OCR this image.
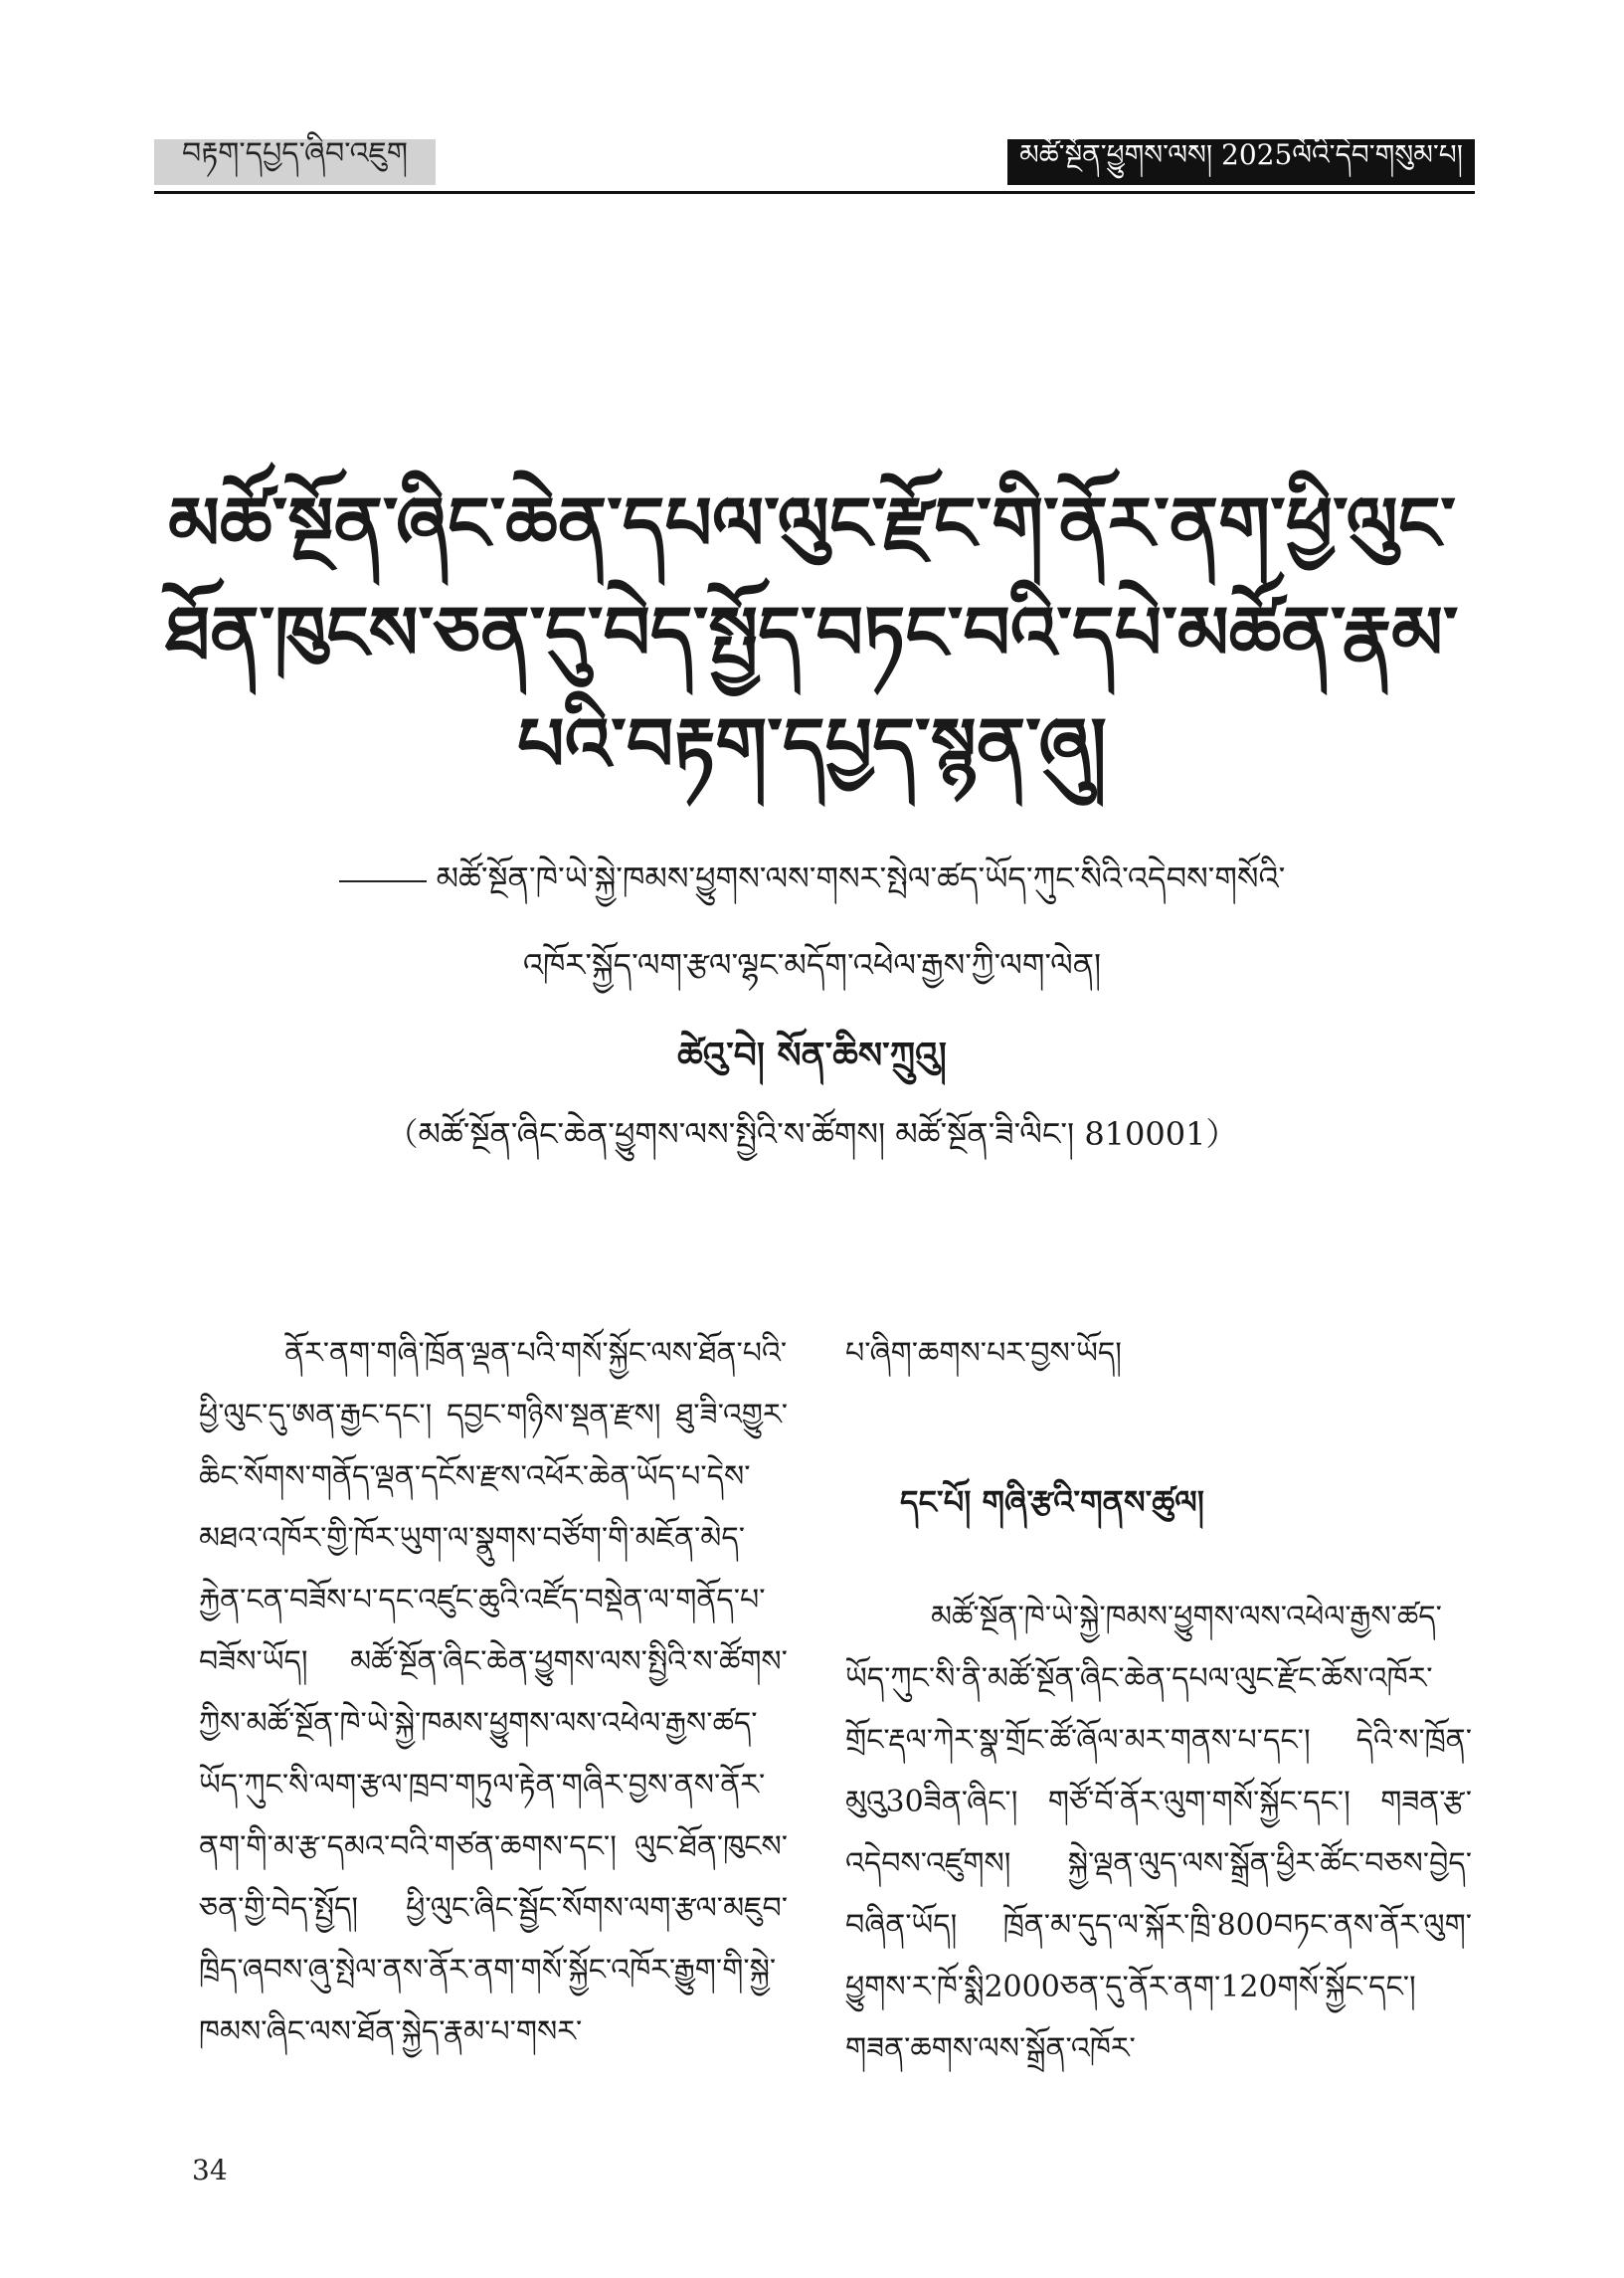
བརྟག་དཔྱད་ཞིབ་འཇུག	མཚོ་སྔོན་ཕྱུགས་ལས། 2025ལོའི་དེབ་གསུམ་པ།
མཚོ་སྔོན་ཞིང་ཆེན་དཔལ་ལུང་རྫོང་གི་ནོར་ནག་ཕྱི་ལུང་
ཐོན་ཁུངས་ཅན་དུ་བེད་སྤྱོད་བཏང་བའི་དཔེ་མཚོན་རྣམ་
པའི་བརྟག་དཔྱད་སྙན་ཞུ།
མཚོ་སྔོན་ཁེ་ཡེ་སྐྱེ་ཁམས་ཕྱུགས་ལས་གསར་སྤེལ་ཚད་ཡོད་ཀུང་སིའི་འདེབས་གསོའི་
འཁོར་སྐྱོད་ལག་རྩལ་ལྷང་མདོག་འཕེལ་རྒྱས་ཀྱི་ལག་ལེན།
ཚེའུ་བེ། སོན་ཆིས་ཀྲུའུ།
（མཚོ་སྔོན་ཞིང་ཆེན་ཕྱུགས་ལས་སྤྱིའི་ས་ཚོགས། མཚོ་སྔོན་ཟི་ལིང་། 810001）

ནོར་ནག་གཞི་ཁྲོན་ལྡན་པའི་གསོ་སྐྱོང་ལས་ཐོན་པའི་ཕྱི་ལུང་དུ་ཨན་རྒྱང་དང་། དབྱང་གཉིས་སྡན་རྫས། ཐུ་ཟི་འགྱུར་ཆིང་སོགས་གནོད་ལྡན་དངོས་རྫས་འཕོར་ཆེན་ཡོད་པ་དེས་མཐའ་འཁོར་གྱི་ཁོར་ཡུག་ལ་སྣུགས་བཙོག་གི་མཇོན་མེད་རྐྱེན་ངན་བཟོས་པ་དང་འཛུང་ཆུའི་འཛོད་བསྡེན་ལ་གནོད་པ་བཟོས་ཡོད། མཚོ་སྔོན་ཞིང་ཆེན་ཕྱུགས་ལས་སྤྱིའི་ས་ཚོགས་ཀྱིས་མཚོ་སྔོན་ཁེ་ཡེ་སྐྱེ་ཁམས་ཕྱུགས་ལས་འཕེལ་རྒྱས་ཚད་ཡོད་ཀུང་སི་ལག་རྩལ་ཁྲབ་གཏུལ་རྟེན་གཞིར་བྱས་ནས་ནོར་ནག་གི་མ་རྩ་དམའ་བའི་གཙན་ཆགས་དང་། ལུང་ཐོན་ཁུངས་ཅན་གྱི་བེད་སྤྱོད། ཕྱི་ལུང་ཞིང་སྦྱོང་སོགས་ལག་རྩལ་མཇུབ་ཁྲིད་ཞབས་ཞུ་སྤེལ་ནས་ནོར་ནག་གསོ་སྐྱོང་འཁོར་རྒྱུག་གི་སྐྱེ་ཁམས་ཞིང་ལས་ཐོན་སྐྱེད་རྣམ་པ་གསར་

པ་ཞིག་ཆགས་པར་བྱས་ཡོད།

དང་པོ། གཞི་རྩའི་གནས་ཚུལ།

མཚོ་སྔོན་ཁེ་ཡེ་སྐྱེ་ཁམས་ཕྱུགས་ལས་འཕེལ་རྒྱས་ཚད་ཡོད་ཀུང་སི་ནི་མཚོ་སྔོན་ཞིང་ཆེན་དཔལ་ལུང་རྫོང་ཆོས་འཁོར་གྲོང་རྡལ་ཀེར་སྣ་གྲོང་ཚོ་ཞོལ་མར་གནས་པ་དང་། དེའི་ས་ཁྲོན་མུའུ30ཟིན་ཞིང་། གཙོ་བོ་ནོར་ལུག་གསོ་སྐྱོང་དང་། གཟན་རྩ་འདེབས་འཛུགས། སྐྱེ་ལྡན་ལུད་ལས་སྒྲོན་ཕྱིར་ཚོང་བཅས་བྱེད་བཞིན་ཡོད། ཁྲོན་མ་དུད་ལ་སྐོར་ཁྲི་800བཏང་ནས་ནོར་ལུག་ཕྱུགས་ར་ཁོ་སྨི2000ཅན་དུ་ནོར་ནག་120གསོ་སྐྱོང་དང་། གཟན་ཆགས་ལས་སྒྲོན་འཁོར་

34
